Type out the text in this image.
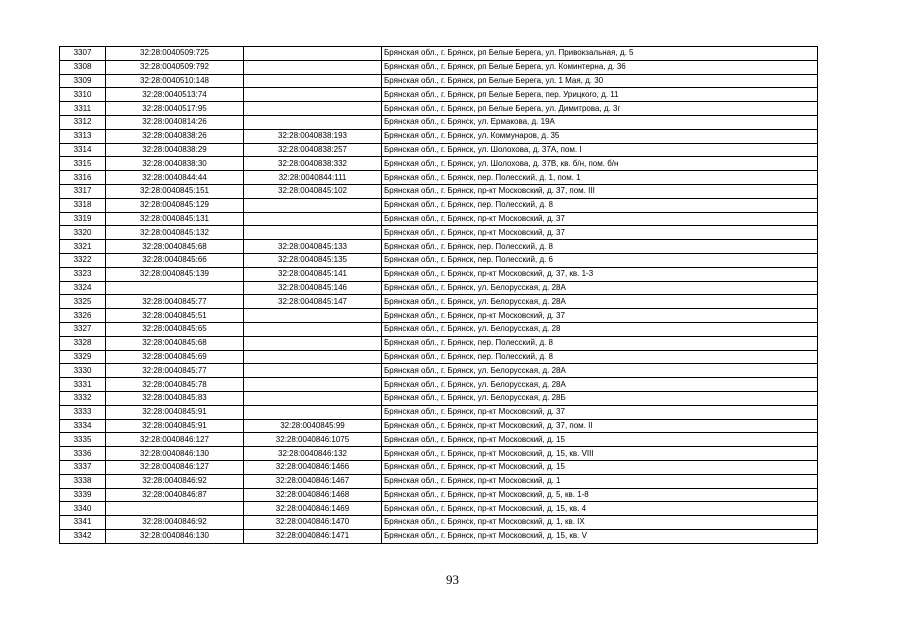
3307	32:28:0040509:725		Брянская обл., г. Брянск, рп Белые Берега, ул. Привокзальная, д. 5
3308	32:28:0040509:792		Брянская обл., г. Брянск, рп Белые Берега, ул. Коминтерна, д. 36
3309	32:28:0040510:148		Брянская обл., г. Брянск, рп Белые Берега, ул. 1 Мая, д. 30
3310	32:28:0040513:74		Брянская обл., г. Брянск, рп Белые Берега, пер. Урицкого, д. 11
3311	32:28:0040517:95		Брянская обл., г. Брянск, рп Белые Берега, ул. Димитрова, д. 3г
3312	32:28:0040814:26		Брянская обл., г. Брянск, ул. Ермакова, д. 19А
3313	32:28:0040838:26	32:28:0040838:193	Брянская обл., г. Брянск, ул. Коммунаров, д. 35
3314	32:28:0040838:29	32:28:0040838:257	Брянская обл., г. Брянск, ул. Шолохова, д. 37А, пом. I
3315	32:28:0040838:30	32:28:0040838:332	Брянская обл., г. Брянск, ул. Шолохова, д. 37В, кв. б/н, пом. б/н
3316	32:28:0040844:44	32:28:0040844:111	Брянская обл., г. Брянск, пер. Полесский, д. 1, пом. 1
3317	32:28:0040845:151	32:28:0040845:102	Брянская обл., г. Брянск, пр-кт Московский, д. 37, пом. III
3318	32:28:0040845:129		Брянская обл., г. Брянск, пер. Полесский, д. 8
3319	32:28:0040845:131		Брянская обл., г. Брянск, пр-кт Московский, д. 37
3320	32:28:0040845:132		Брянская обл., г. Брянск, пр-кт Московский, д. 37
3321	32:28:0040845:68	32:28:0040845:133	Брянская обл., г. Брянск, пер. Полесский, д. 8
3322	32:28:0040845:66	32:28:0040845:135	Брянская обл., г. Брянск, пер. Полесский, д. 6
3323	32:28:0040845:139	32:28:0040845:141	Брянская обл., г. Брянск, пр-кт Московский, д. 37, кв. 1-3
3324		32:28:0040845:146	Брянская обл., г. Брянск, ул. Белорусская, д. 28А
3325	32:28:0040845:77	32:28:0040845:147	Брянская обл., г. Брянск, ул. Белорусская, д. 28А
3326	32:28:0040845:51		Брянская обл., г. Брянск, пр-кт Московский, д. 37
3327	32:28:0040845:65		Брянская обл., г. Брянск, ул. Белорусская, д. 28
3328	32:28:0040845:68		Брянская обл., г. Брянск, пер. Полесский, д. 8
3329	32:28:0040845:69		Брянская обл., г. Брянск, пер. Полесский, д. 8
3330	32:28:0040845:77		Брянская обл., г. Брянск, ул. Белорусская, д. 28А
3331	32:28:0040845:78		Брянская обл., г. Брянск, ул. Белорусская, д. 28А
3332	32:28:0040845:83		Брянская обл., г. Брянск, ул. Белорусская, д. 28Б
3333	32:28:0040845:91		Брянская обл., г. Брянск, пр-кт Московский, д. 37
3334	32:28:0040845:91	32:28:0040845:99	Брянская обл., г. Брянск, пр-кт Московский, д. 37, пом. II
3335	32:28:0040846:127	32:28:0040846:1075	Брянская обл., г. Брянск, пр-кт Московский, д. 15
3336	32:28:0040846:130	32:28:0040846:132	Брянская обл., г. Брянск, пр-кт Московский, д. 15, кв. VIII
3337	32:28:0040846:127	32:28:0040846:1466	Брянская обл., г. Брянск, пр-кт Московский, д. 15
3338	32:28:0040846:92	32:28:0040846:1467	Брянская обл., г. Брянск, пр-кт Московский, д. 1
3339	32:28:0040846:87	32:28:0040846:1468	Брянская обл., г. Брянск, пр-кт Московский, д. 5, кв. 1-8
3340		32:28:0040846:1469	Брянская обл., г. Брянск, пр-кт Московский, д. 15, кв. 4
3341	32:28:0040846:92	32:28:0040846:1470	Брянская обл., г. Брянск, пр-кт Московский, д. 1, кв. IX
3342	32:28:0040846:130	32:28:0040846:1471	Брянская обл., г. Брянск, пр-кт Московский, д. 15, кв. V
93
